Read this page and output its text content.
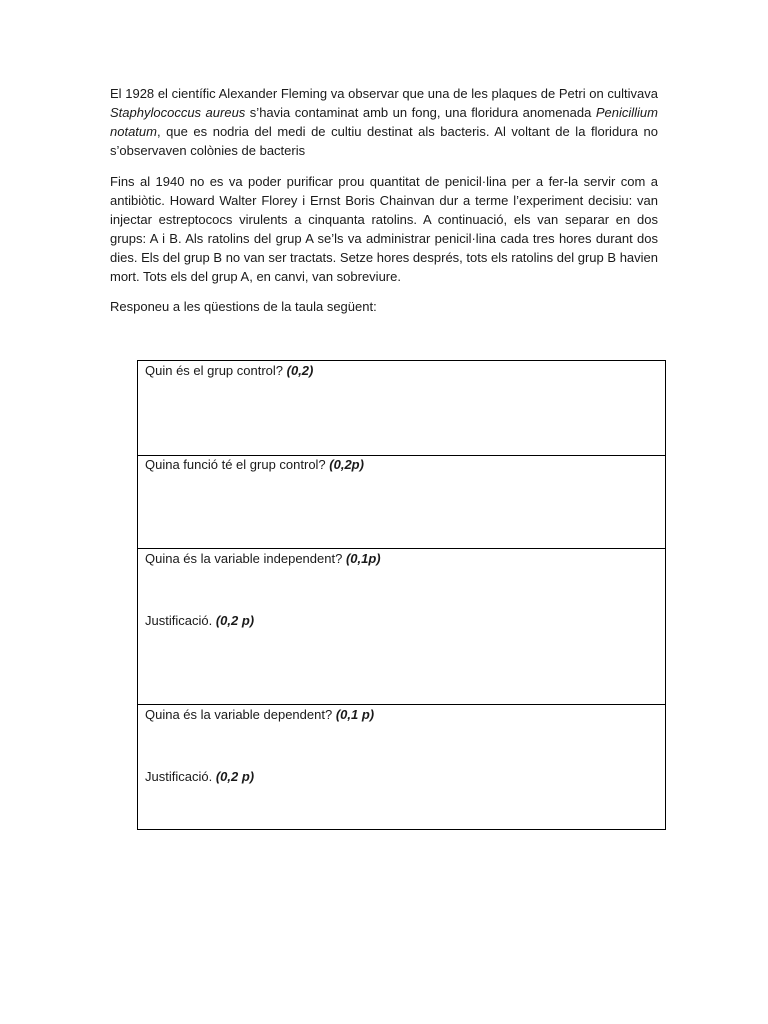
El 1928 el científic Alexander Fleming va observar que una de les plaques de Petri on cultivava Staphylococcus aureus s’havia contaminat amb un fong, una floridura anomenada Penicillium notatum, que es nodria del medi de cultiu destinat als bacteris. Al voltant de la floridura no s’observaven colònies de bacteris

Fins al 1940 no es va poder purificar prou quantitat de penicil·lina per a fer-la servir com a antibiòtic. Howard Walter Florey i Ernst Boris Chainvan dur a terme l’experiment decisiu: van injectar estreptococs virulents a cinquanta ratolins. A continuació, els van separar en dos grups: A i B. Als ratolins del grup A se’ls va administrar penicil·lina cada tres hores durant dos dies. Els del grup B no van ser tractats. Setze hores després, tots els ratolins del grup B havien mort. Tots els del grup A, en canvi, van sobreviure.

Responeu a les qüestions de la taula següent:

Quin és el grup control? (0,2)
Quina funció té el grup control? (0,2p)
Quina és la variable independent? (0,1p)
Justificació. (0,2 p)
Quina és la variable dependent? (0,1 p)
Justificació. (0,2 p)
